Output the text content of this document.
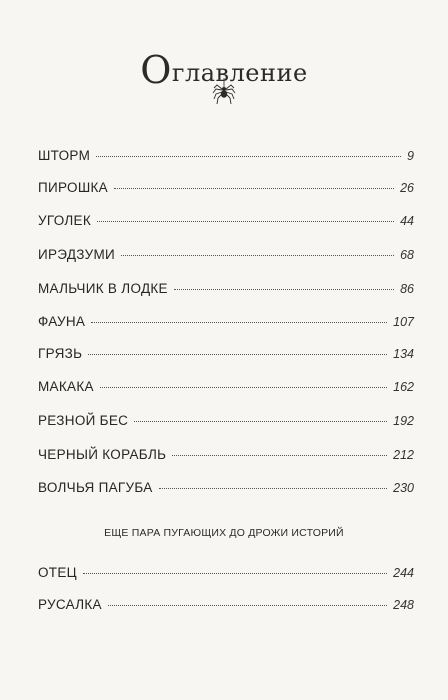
Оглавление
ШТОРМ	9
ПИРОШКА	26
УГОЛЕК	44
ИРЭДЗУМИ	68
МАЛЬЧИК В ЛОДКЕ	86
ФАУНА	107
ГРЯЗЬ	134
МАКАКА	162
РЕЗНОЙ БЕС	192
ЧЕРНЫЙ КОРАБЛЬ	212
ВОЛЧЬЯ ПАГУБА	230
ОТЕЦ	244
РУСАЛКА	248
ЕЩЕ ПАРА ПУГАЮЩИХ ДО ДРОЖИ ИСТОРИЙ
